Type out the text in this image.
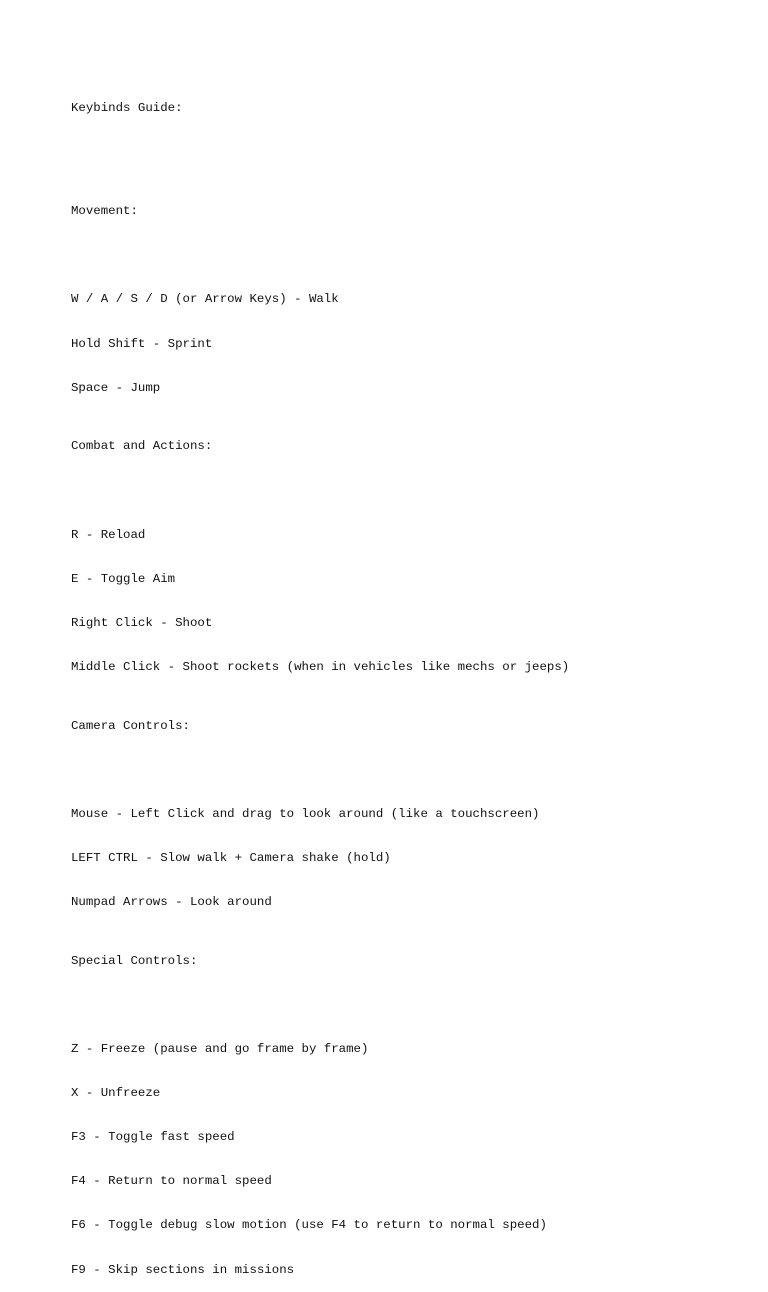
Keybinds Guide:

Movement:

W / A / S / D (or Arrow Keys) - Walk

Hold Shift - Sprint

Space - Jump

Combat and Actions:

R - Reload

E - Toggle Aim

Right Click - Shoot

Middle Click - Shoot rockets (when in vehicles like mechs or jeeps)

Camera Controls:

Mouse - Left Click and drag to look around (like a touchscreen)

LEFT CTRL - Slow walk + Camera shake (hold)

Numpad Arrows - Look around

Special Controls:

Z - Freeze (pause and go frame by frame)

X - Unfreeze

F3 - Toggle fast speed

F4 - Return to normal speed

F6 - Toggle debug slow motion (use F4 to return to normal speed)

F9 - Skip sections in missions
